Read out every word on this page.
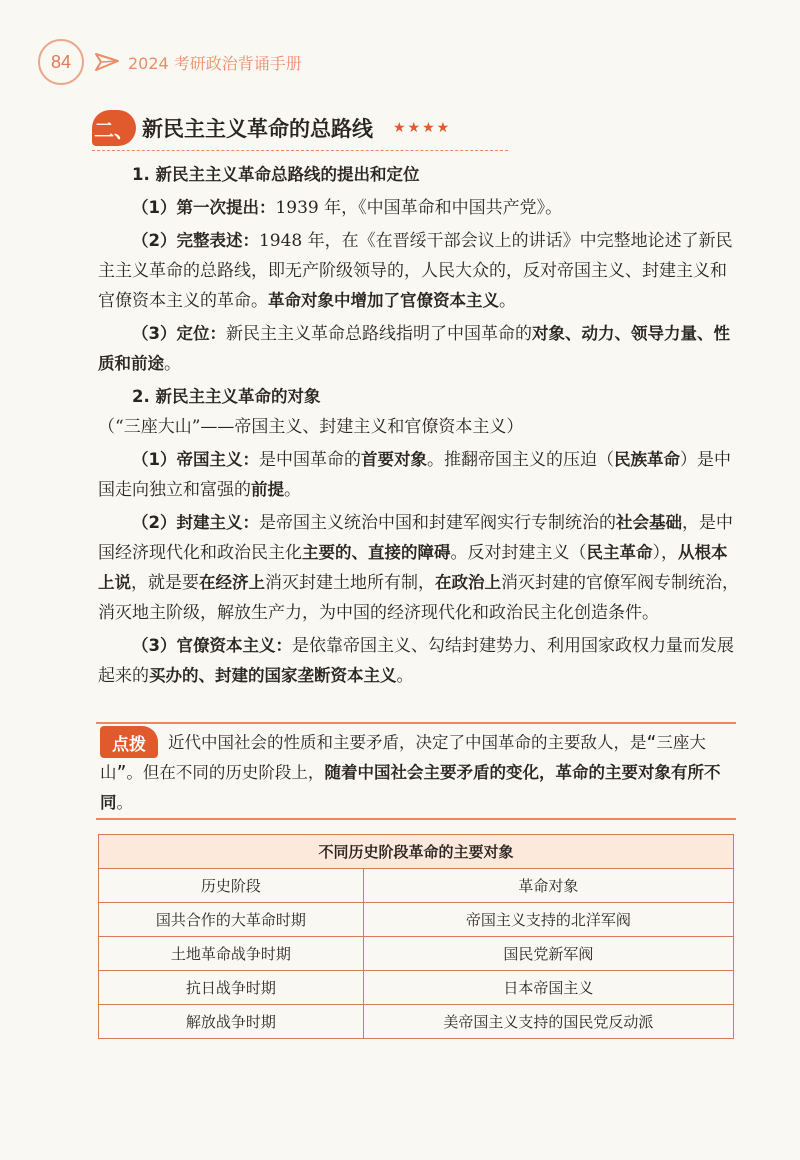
84	2024 考研政治背诵手册
二、 新民主主义革命的总路线 ★★★★

1. 新民主主义革命总路线的提出和定位

（1）第一次提出：1939 年，《中国革命和中国共产党》。

（2）完整表述：1948 年，在《在晋绥干部会议上的讲话》中完整地论述了新民主主义革命的总路线，即无产阶级领导的，人民大众的，反对帝国主义、封建主义和官僚资本主义的革命。革命对象中增加了官僚资本主义。

（3）定位：新民主主义革命总路线指明了中国革命的对象、动力、领导力量、性质和前途。

2. 新民主主义革命的对象（“三座大山”——帝国主义、封建主义和官僚资本主义）

（1）帝国主义：是中国革命的首要对象。推翻帝国主义的压迫（民族革命）是中国走向独立和富强的前提。

（2）封建主义：是帝国主义统治中国和封建军阀实行专制统治的社会基础，是中国经济现代化和政治民主化主要的、直接的障碍。反对封建主义（民主革命），从根本上说，就是要在经济上消灭封建土地所有制，在政治上消灭封建的官僚军阀专制统治，消灭地主阶级，解放生产力，为中国的经济现代化和政治民主化创造条件。

（3）官僚资本主义：是依靠帝国主义、勾结封建势力、利用国家政权力量而发展起来的买办的、封建的国家垄断资本主义。

点拨	近代中国社会的性质和主要矛盾，决定了中国革命的主要敌人，是“三座大山”。但在不同的历史阶段上，随着中国社会主要矛盾的变化，革命的主要对象有所不同。
不同历史阶段革命的主要对象	
历史阶段	革命对象
国共合作的大革命时期	帝国主义支持的北洋军阀
土地革命战争时期	国民党新军阀
抗日战争时期	日本帝国主义
解放战争时期	美帝国主义支持的国民党反动派
